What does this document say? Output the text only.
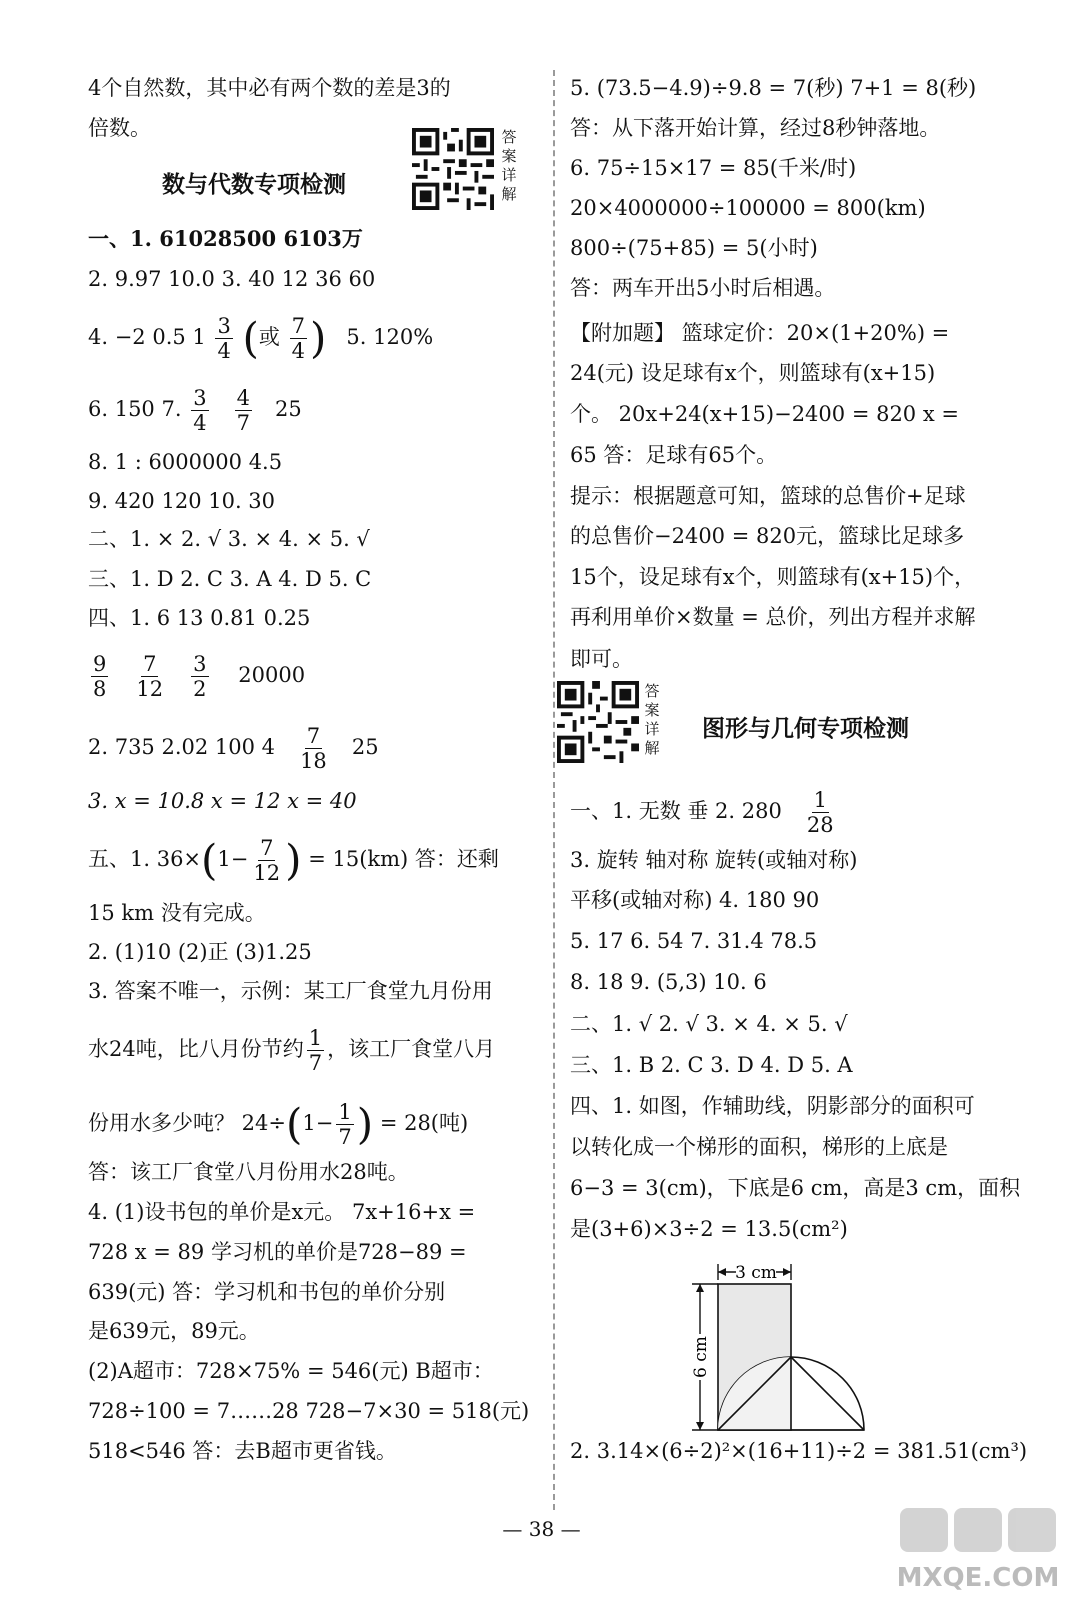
4个自然数，其中必有两个数的差是3的
倍数。
数与代数专项检测
答案详解
一、1. 61028500 6103万
2. 9.97 10.0 3. 40 12 36 60
4. −2 0.5 $1 \frac{3}{4}$ (或 $\frac{7}{4}$ ) 5. 120%
6. 150 7. $\frac{3}{4}$
$\frac{4}{7} 25$
8. 1 : 6000000 4.5
9. 420 120 10. 30
二、1. × 2. √ 3. × 4. × 5. √
三、1. D 2. C 3. A 4. D 5. C
四、1. 6 13 0.81 0.25
$\frac{9}{8}$
$\frac{7}{12}$
$\frac{3}{2} 20000$
2. 735 2.02 100 $4 \frac{7}{18} 25$
3. x = 10.8 x = 12 x = 40
五、1. $36\times(1- \frac{7}{12}$ ) = 15(km) 答：还剩
15 km 没有完成。
2. (1)10 (2)正 (3)1.25
3. 答案不唯一，示例：某工厂食堂九月份用
水24吨，比八月份节约 $\frac{1}{7}$ ，该工厂食堂八月
份用水多少吨？ $24\div(1- \frac{1}{7}$ ) = 28(吨)
答：该工厂食堂八月份用水28吨。
4. (1)设书包的单价是x元。 7x+16+x =
728 x = 89 学习机的单价是728−89 =
639(元) 答：学习机和书包的单价分别
是639元，89元。
(2)A超市：728×75% = 546(元) B超市：
728÷100 = 7……28 728−7×30 = 518(元)
518<546 答：去B超市更省钱。
5. (73.5−4.9)÷9.8 = 7(秒) 7+1 = 8(秒)
答：从下落开始计算，经过8秒钟落地。
6. 75÷15×17 = 85(千米/时)
20×4000000÷100000 = 800(km)
800÷(75+85) = 5(小时)
答：两车开出5小时后相遇。
【附加题】 篮球定价：20×(1+20%) =
24(元) 设足球有x个，则篮球有(x+15)
个。 20x+24(x+15)−2400 = 820 x =
65 答：足球有65个。
提示：根据题意可知，篮球的总售价+足球
的总售价−2400 = 820元，篮球比足球多
15个，设足球有x个，则篮球有(x+15)个，
再利用单价×数量 = 总价，列出方程并求解
即可。
答案详解
图形与几何专项检测
一、1. 无数 垂 2. $280 \frac{1}{28}$
3. 旋转 轴对称 旋转(或轴对称)
平移(或轴对称) 4. 180 90
5. 17 6. 54 7. 31.4 78.5
8. 18 9. (5,3) 10. 6
二、1. √ 2. √ 3. × 4. × 5. √
三、1. B 2. C 3. D 4. D 5. A
四、1. 如图，作辅助线，阴影部分的面积可
以转化成一个梯形的面积，梯形的上底是
6−3 = 3(cm)，下底是6 cm，高是3 cm，面积
是(3+6)×3÷2 = 13.5(cm²)
3 cm
6 cm
2. 3.14×(6÷2)²×(16+11)÷2 = 381.51(cm³)
— 38 —
MXQE.COM
